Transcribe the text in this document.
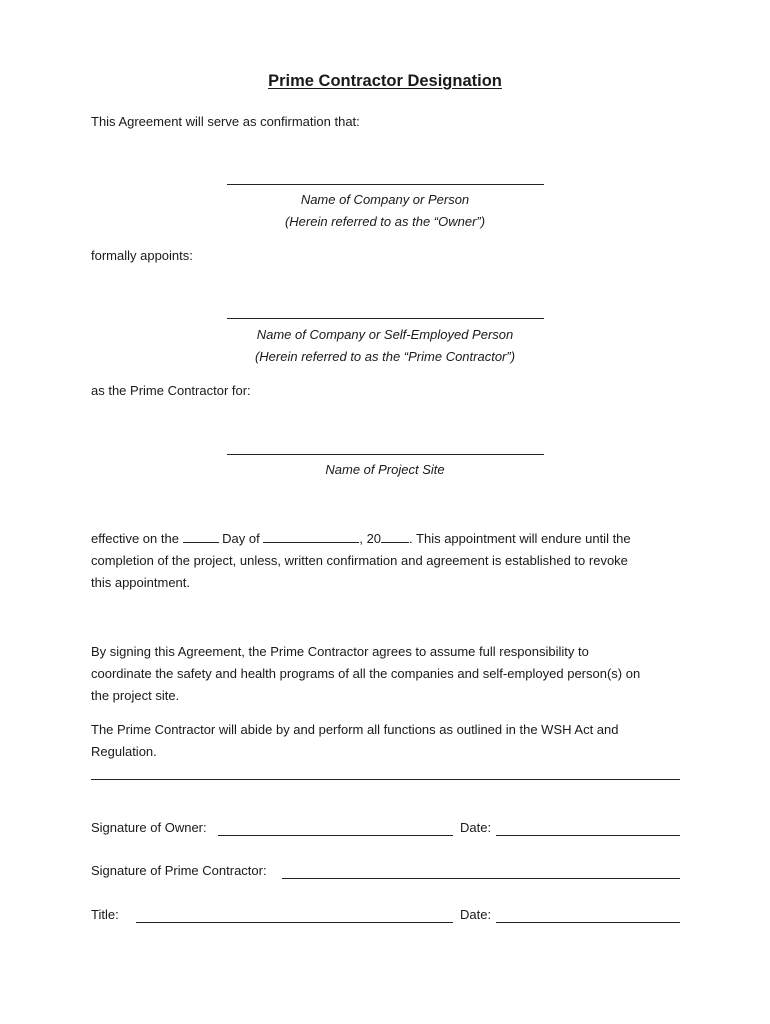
Prime Contractor Designation
This Agreement will serve as confirmation that:
Name of Company or Person
(Herein referred to as the “Owner”)
formally appoints:
Name of Company or Self-Employed Person
(Herein referred to as the “Prime Contractor”)
as the Prime Contractor for:
Name of Project Site
effective on the	Day of	, 20 . This appointment will endure until the
completion of the project, unless, written confirmation and agreement is established to revoke
this appointment.
By signing this Agreement, the Prime Contractor agrees to assume full responsibility to
coordinate the safety and health programs of all the companies and self-employed person(s) on
the project site.
The Prime Contractor will abide by and perform all functions as outlined in the WSH Act and
Regulation.
Signature of Owner:	Date:
Signature of Prime Contractor:
Title:	Date:
